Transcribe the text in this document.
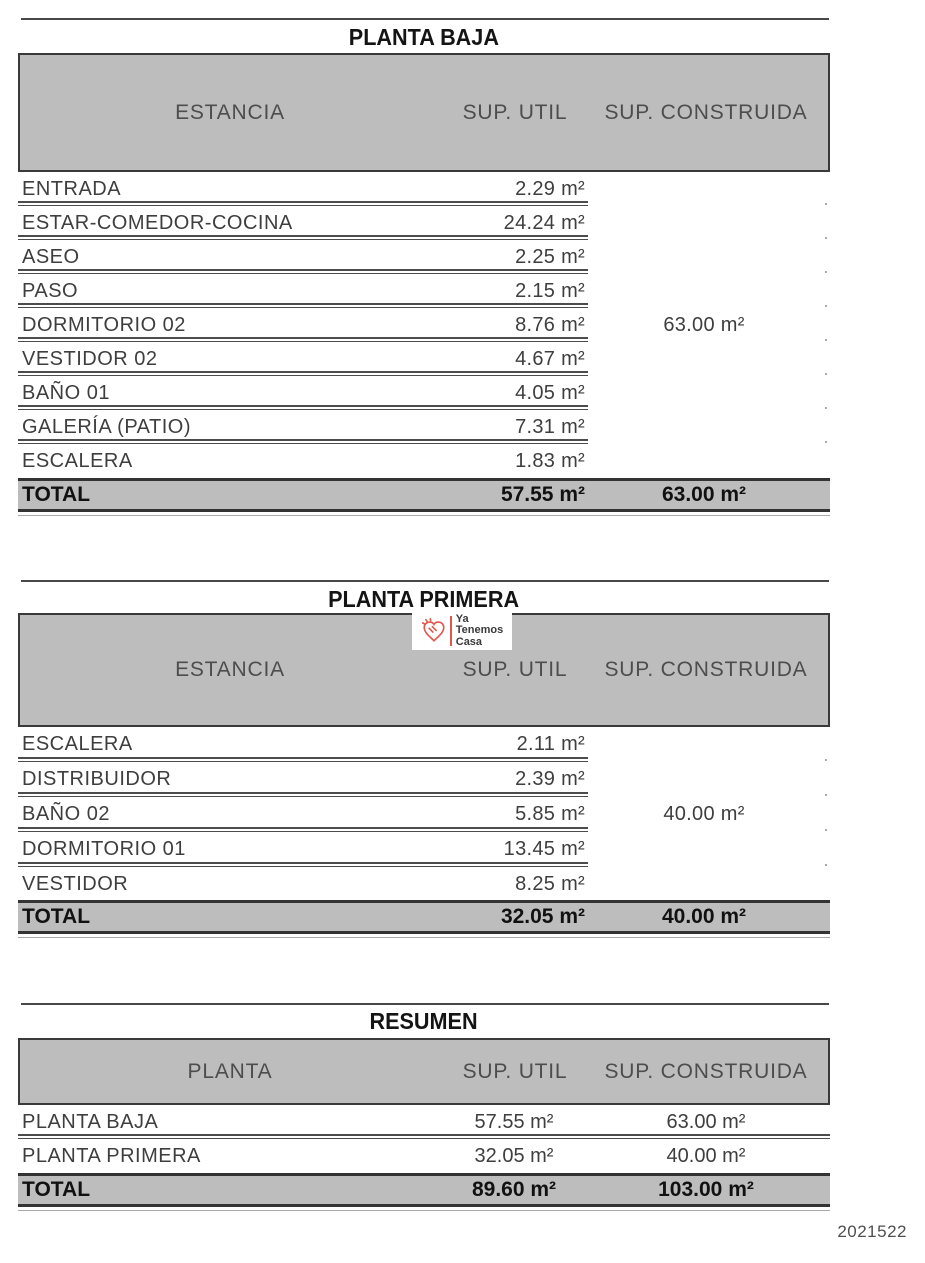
PLANTA BAJA
ESTANCIA	SUP. UTIL	SUP. CONSTRUIDA
ENTRADA	2.29 m²
ESTAR-COMEDOR-COCINA	24.24 m²
ASEO	2.25 m²
PASO	2.15 m²
DORMITORIO 02	8.76 m²
VESTIDOR 02	4.67 m²
BAÑO 01	4.05 m²
GALERÍA (PATIO)	7.31 m²
ESCALERA	1.83 m²
63.00 m²
TOTAL	57.55 m²	63.00 m²
PLANTA PRIMERA
Ya
Tenemos
Casa
ESTANCIA	SUP. UTIL	SUP. CONSTRUIDA
ESCALERA	2.11 m²
DISTRIBUIDOR	2.39 m²
BAÑO 02	5.85 m²
DORMITORIO 01	13.45 m²
VESTIDOR	8.25 m²
40.00 m²
TOTAL	32.05 m²	40.00 m²
RESUMEN
PLANTA	SUP. UTIL	SUP. CONSTRUIDA
PLANTA BAJA	57.55 m²	63.00 m²
PLANTA PRIMERA	32.05 m²	40.00 m²
TOTAL	89.60 m²	103.00 m²
2021522
